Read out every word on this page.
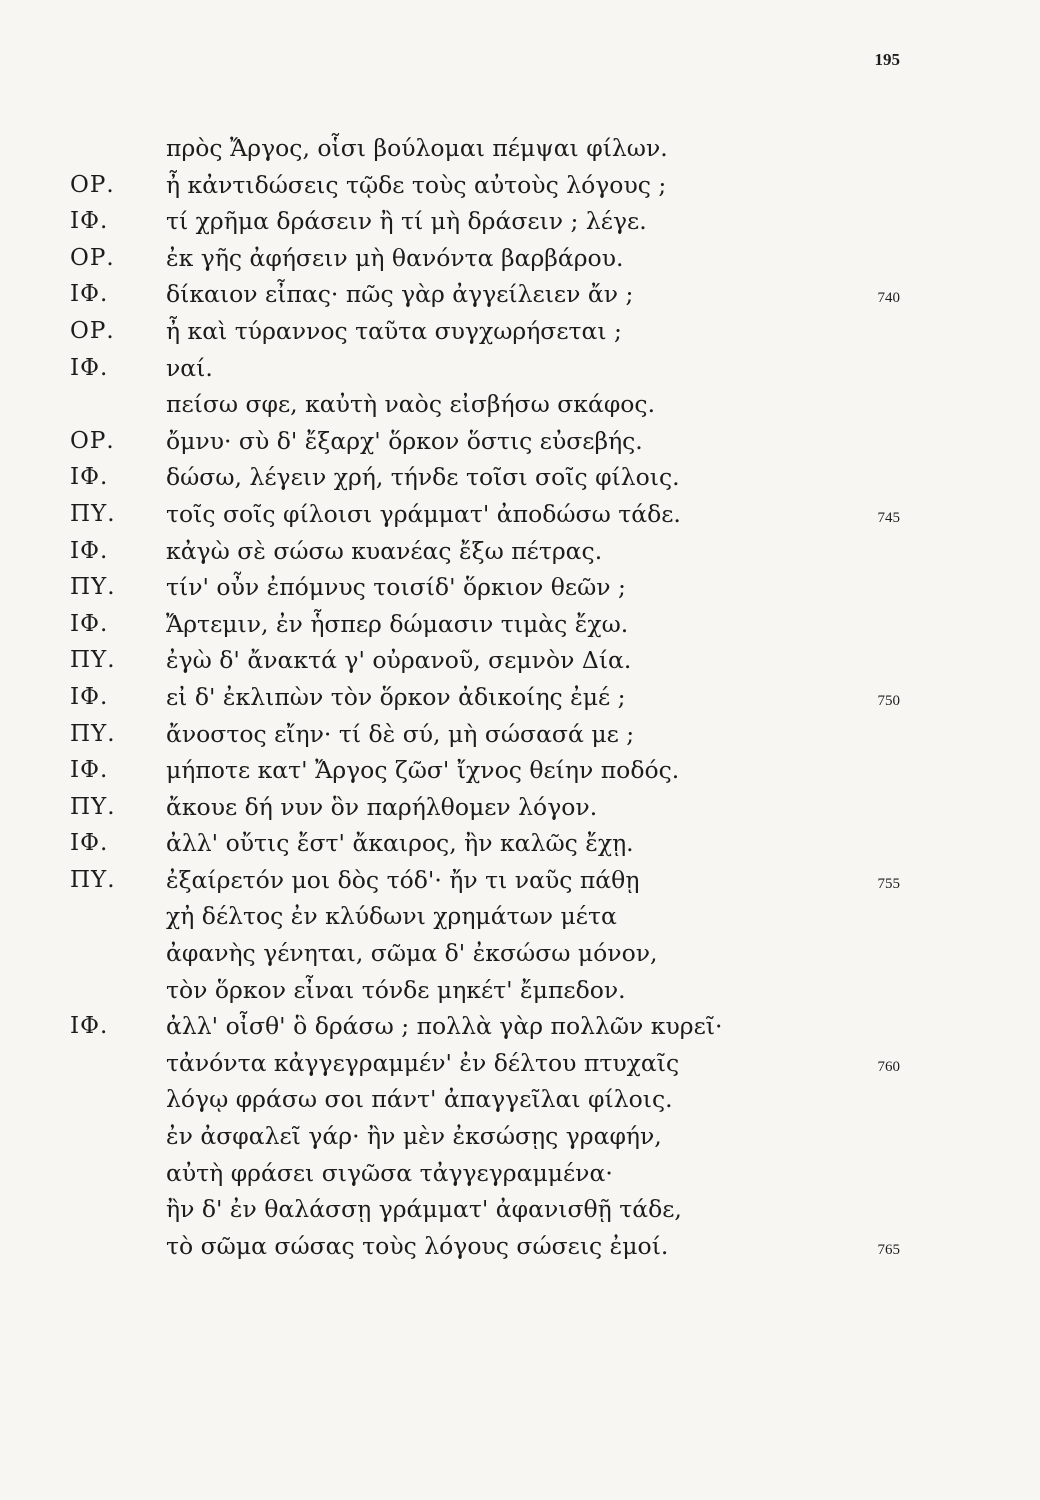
195
πρὸς Ἄργος, οἷσι βούλομαι πέμψαι φίλων.
ΟΡ. ἦ κἀντιδώσεις τῷδε τοὺς αὐτοὺς λόγους ;
ΙΦ. τί χρῆμα δράσειν ἢ τί μὴ δράσειν ; λέγε.
ΟΡ. ἐκ γῆς ἀφήσειν μὴ θανόντα βαρβάρου.
ΙΦ. δίκαιον εἶπας· πῶς γὰρ ἀγγείλειεν ἄν ;	740
ΟΡ. ἦ καὶ τύραννος ταῦτα συγχωρήσεται ;
ΙΦ. ναί.
πείσω σφε, καὐτὴ ναὸς εἰσβήσω σκάφος.
ΟΡ. ὄμνυ· σὺ δ' ἔξαρχ' ὅρκον ὅστις εὐσεβής.
ΙΦ. δώσω, λέγειν χρή, τήνδε τοῖσι σοῖς φίλοις.
ΠΥ. τοῖς σοῖς φίλοισι γράμματ' ἀποδώσω τάδε.	745
ΙΦ. κἀγὼ σὲ σώσω κυανέας ἔξω πέτρας.
ΠΥ. τίν' οὖν ἐπόμνυς τοισίδ' ὅρκιον θεῶν ;
ΙΦ. Ἄρτεμιν, ἐν ἧσπερ δώμασιν τιμὰς ἔχω.
ΠΥ. ἐγὼ δ' ἄνακτά γ' οὐρανοῦ, σεμνὸν Δία.
ΙΦ. εἰ δ' ἐκλιπὼν τὸν ὅρκον ἀδικοίης ἐμέ ;	750
ΠΥ. ἄνοστος εἴην· τί δὲ σύ, μὴ σώσασά με ;
ΙΦ. μήποτε κατ' Ἄργος ζῶσ' ἴχνος θείην ποδός.
ΠΥ. ἄκουε δή νυν ὃν παρήλθομεν λόγον.
ΙΦ. ἀλλ' οὔτις ἔστ' ἄκαιρος, ἢν καλῶς ἔχῃ.
ΠΥ. ἐξαίρετόν μοι δὸς τόδ'· ἤν τι ναῦς πάθῃ	755
χἠ δέλτος ἐν κλύδωνι χρημάτων μέτα
ἀφανὴς γένηται, σῶμα δ' ἐκσώσω μόνον,
τὸν ὅρκον εἶναι τόνδε μηκέτ' ἔμπεδον.
ΙΦ. ἀλλ' οἶσθ' ὃ δράσω ; πολλὰ γὰρ πολλῶν κυρεῖ·
τἀνόντα κἀγγεγραμμέν' ἐν δέλτου πτυχαῖς	760
λόγῳ φράσω σοι πάντ' ἀπαγγεῖλαι φίλοις.
ἐν ἀσφαλεῖ γάρ· ἢν μὲν ἐκσώσῃς γραφήν,
αὐτὴ φράσει σιγῶσα τἀγγεγραμμένα·
ἢν δ' ἐν θαλάσσῃ γράμματ' ἀφανισθῇ τάδε,
τὸ σῶμα σώσας τοὺς λόγους σώσεις ἐμοί.	765
